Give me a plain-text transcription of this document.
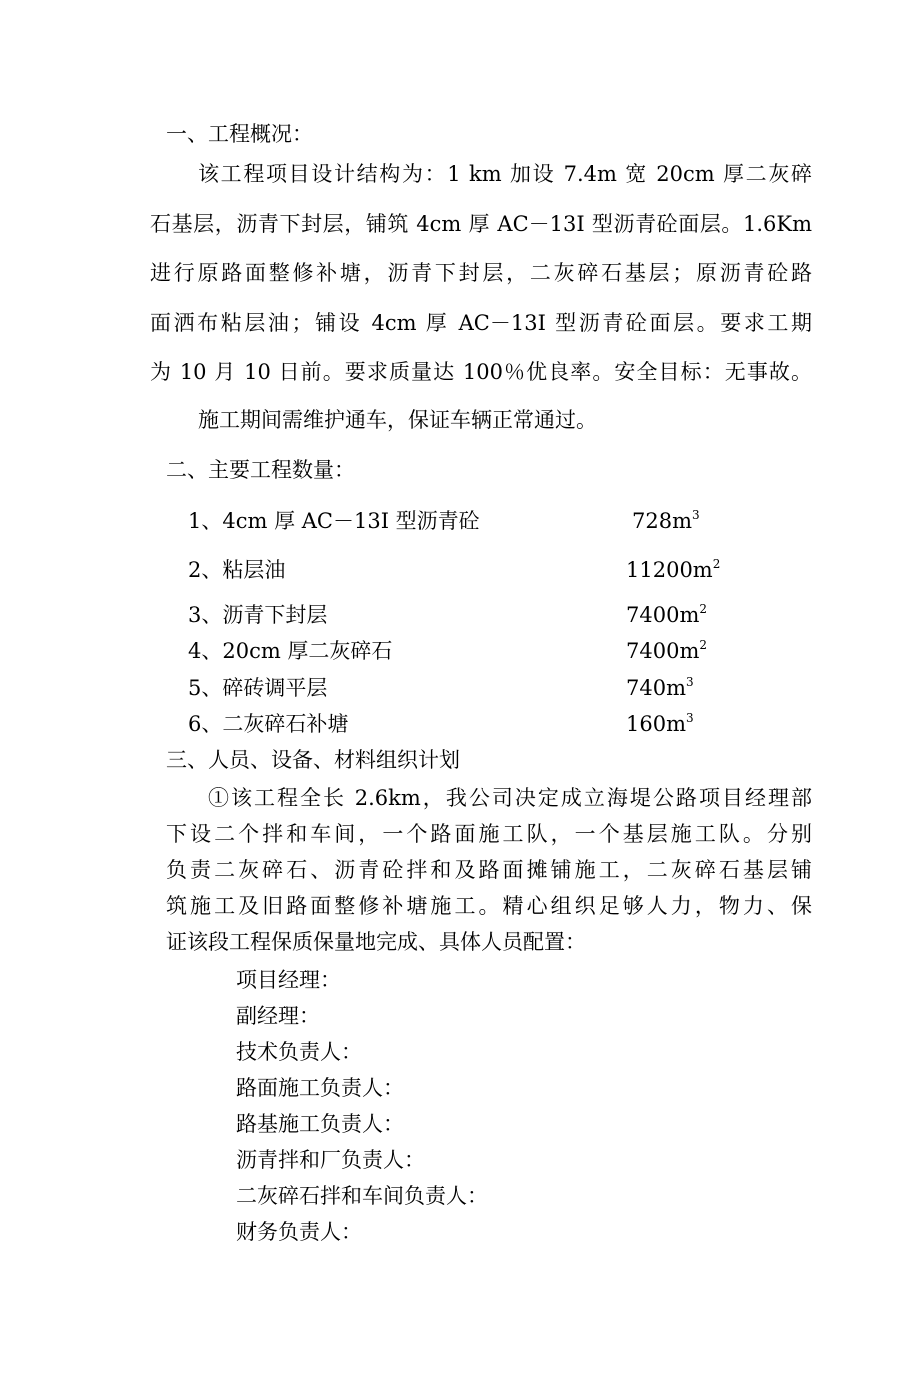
一、工程概况：
该工程项目设计结构为：1 km 加设 7.4m 宽 20cm 厚二灰碎
石基层，沥青下封层，铺筑 4cm 厚 AC－13I 型沥青砼面层。1.6Km
进行原路面整修补塘，沥青下封层，二灰碎石基层；原沥青砼路
面洒布粘层油；铺设 4cm 厚 AC－13I 型沥青砼面层。要求工期
为 10 月 10 日前。要求质量达 100％优良率。安全目标：无事故。
施工期间需维护通车，保证车辆正常通过。
二、主要工程数量：
1、4cm 厚 AC－13I 型沥青砼	$728m^3$
2、粘层油	$11200m^2$
3、沥青下封层	$7400m^2$
4、20cm 厚二灰碎石	$7400m^2$
5、碎砖调平层	$740m^3$
6、二灰碎石补塘	$160m^3$
三、人员、设备、材料组织计划
①该工程全长 2.6km，我公司决定成立海堤公路项目经理部
下设二个拌和车间，一个路面施工队，一个基层施工队。分别
负责二灰碎石、沥青砼拌和及路面摊铺施工，二灰碎石基层铺
筑施工及旧路面整修补塘施工。精心组织足够人力，物力、保
证该段工程保质保量地完成、具体人员配置：
项目经理：
副经理：
技术负责人：
路面施工负责人：
路基施工负责人：
沥青拌和厂负责人：
二灰碎石拌和车间负责人：
财务负责人：
